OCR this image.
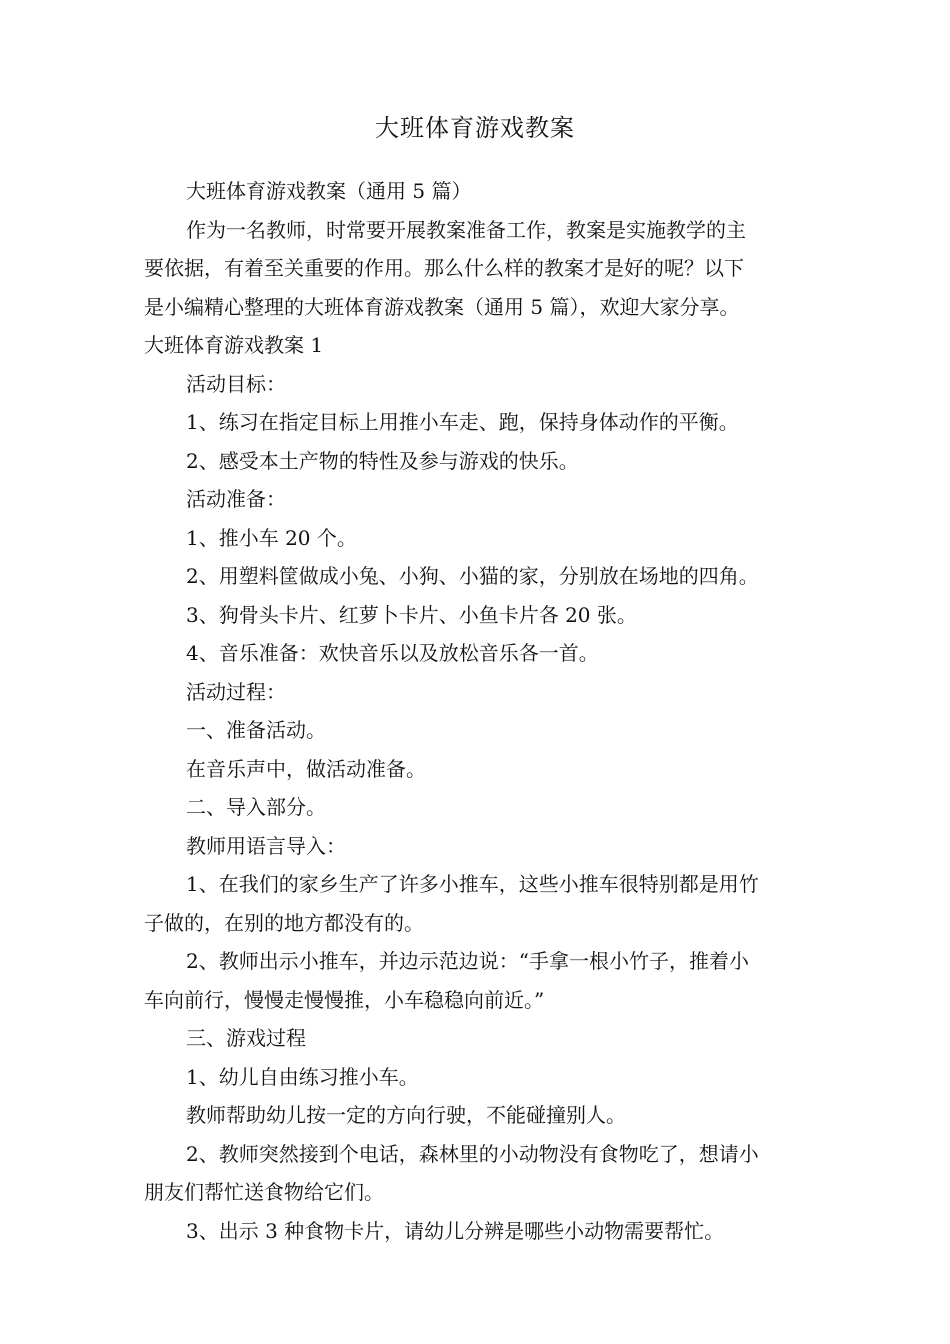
大班体育游戏教案

大班体育游戏教案（通用 5 篇）

作为一名教师，时常要开展教案准备工作，教案是实施教学的主

要依据，有着至关重要的作用。那么什么样的教案才是好的呢？以下

是小编精心整理的大班体育游戏教案（通用 5 篇），欢迎大家分享。

大班体育游戏教案 1

活动目标：

1、练习在指定目标上用推小车走、跑，保持身体动作的平衡。

2、感受本土产物的特性及参与游戏的快乐。

活动准备：

1、推小车 20 个。

2、用塑料筐做成小兔、小狗、小猫的家，分别放在场地的四角。

3、狗骨头卡片、红萝卜卡片、小鱼卡片各 20 张。

4、音乐准备：欢快音乐以及放松音乐各一首。

活动过程：

一、准备活动。

在音乐声中，做活动准备。

二、导入部分。

教师用语言导入：

1、在我们的家乡生产了许多小推车，这些小推车很特别都是用竹

子做的，在别的地方都没有的。

2、教师出示小推车，并边示范边说：“手拿一根小竹子，推着小

车向前行，慢慢走慢慢推，小车稳稳向前近。”

三、游戏过程

1、幼儿自由练习推小车。

教师帮助幼儿按一定的方向行驶，不能碰撞别人。

2、教师突然接到个电话，森林里的小动物没有食物吃了，想请小

朋友们帮忙送食物给它们。

3、出示 3 种食物卡片，请幼儿分辨是哪些小动物需要帮忙。
